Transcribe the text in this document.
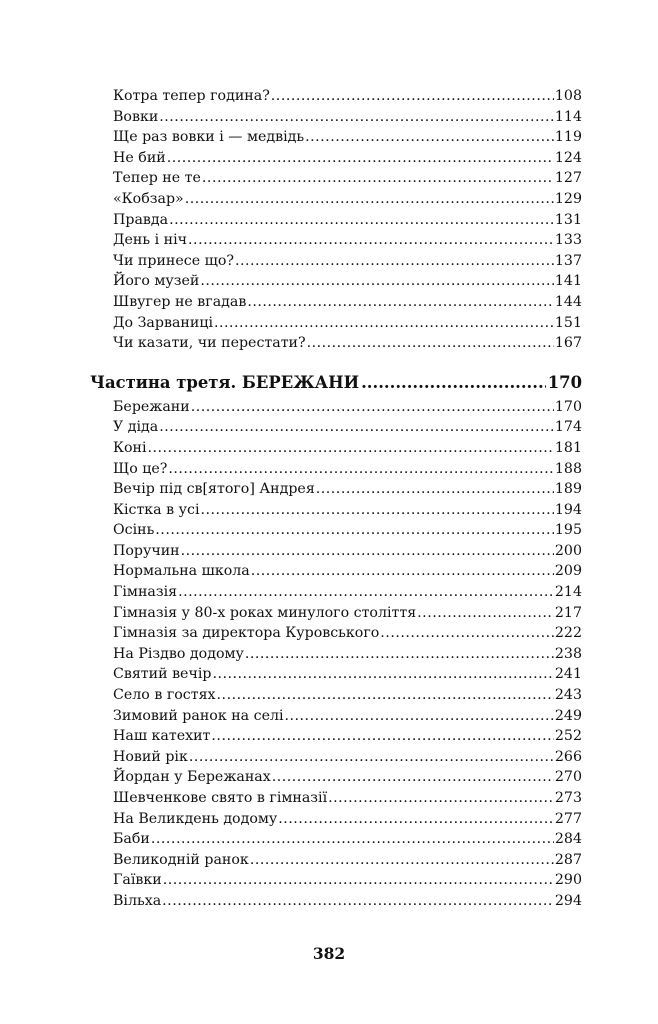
Котра тепер година? .....	108
Вовки .....	114
Ще раз вовки і — медвідь .....	119
Не бий .....	124
Тепер не те .....	127
«Кобзар» .....	129
Правда .....	131
День і ніч .....	133
Чи принесе що? .....	137
Його музей .....	141
Швугер не вгадав .....	144
До Зарваниці .....	151
Чи казати, чи перестати? .....	167
Частина третя. БЕРЕЖАНИ .....	170
Бережани .....	170
У діда .....	174
Коні .....	181
Що це? .....	188
Вечір під св[ятого] Андрея .....	189
Кістка в усі .....	194
Осінь .....	195
Поручин .....	200
Нормальна школа .....	209
Гімназія .....	214
Гімназія у 80-х роках минулого століття .....	217
Гімназія за директора Куровського .....	222
На Різдво додому .....	238
Святий вечір .....	241
Село в гостях .....	243
Зимовий ранок на селі .....	249
Наш катехит .....	252
Новий рік .....	266
Йордан у Бережанах .....	270
Шевченкове свято в гімназії .....	273
На Великдень додому .....	277
Баби .....	284
Великодній ранок .....	287
Гаївки .....	290
Вільха .....	294
382
